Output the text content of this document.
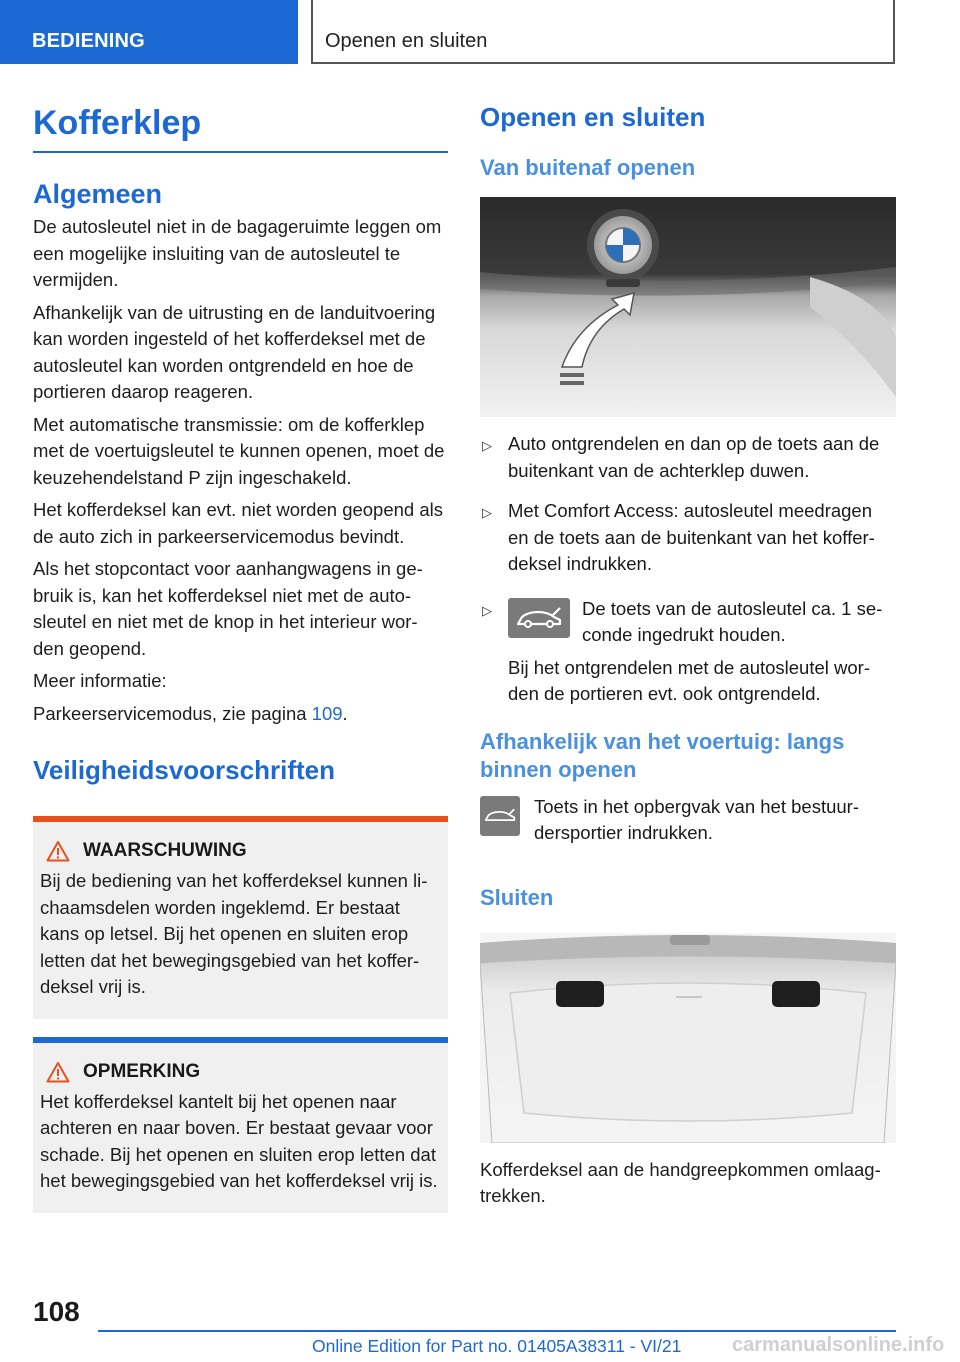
BEDIENING	Openen en sluiten
Kofferklep
Algemeen

De autosleutel niet in de bagageruimte leggen om een mogelijke insluiting van de autosleutel te vermijden.

Afhankelijk van de uitrusting en de landuitvoering kan worden ingesteld of het kofferdeksel met de autosleutel kan worden ontgrendeld en hoe de portieren daarop reageren.

Met automatische transmissie: om de kofferklep met de voertuigsleutel te kunnen openen, moet de keuzehendelstand P zijn ingeschakeld.

Het kofferdeksel kan evt. niet worden geopend als de auto zich in parkeerservicemodus bevindt.

Als het stopcontact voor aanhangwagens in ge-bruik is, kan het kofferdeksel niet met de auto-sleutel en niet met de knop in het interieur wor-den geopend.

Meer informatie:

Parkeerservicemodus, zie pagina 109.

Veiligheidsvoorschriften
WAARSCHUWING
Bij de bediening van het kofferdeksel kunnen li-chaamsdelen worden ingeklemd. Er bestaat kans op letsel. Bij het openen en sluiten erop letten dat het bewegingsgebied van het koffer-deksel vrij is.
OPMERKING
Het kofferdeksel kantelt bij het openen naar achteren en naar boven. Er bestaat gevaar voor schade. Bij het openen en sluiten erop letten dat het bewegingsgebied van het kofferdeksel vrij is.
Openen en sluiten
Van buitenaf openen
▷ Auto ontgrendelen en dan op de toets aan de buitenkant van de achterklep duwen.
▷ Met Comfort Access: autosleutel meedragen en de toets aan de buitenkant van het koffer-deksel indrukken.
▷	De toets van de autosleutel ca. 1 se-conde ingedrukt houden.
Bij het ontgrendelen met de autosleutel wor-den de portieren evt. ook ontgrendeld.
Afhankelijk van het voertuig: langs binnen openen
Toets in het opbergvak van het bestuur-dersportier indrukken.
Sluiten

Kofferdeksel aan de handgreepkommen omlaag-trekken.

108
Online Edition for Part no. 01405A38311 - VI/21	carmanualsonline.info
